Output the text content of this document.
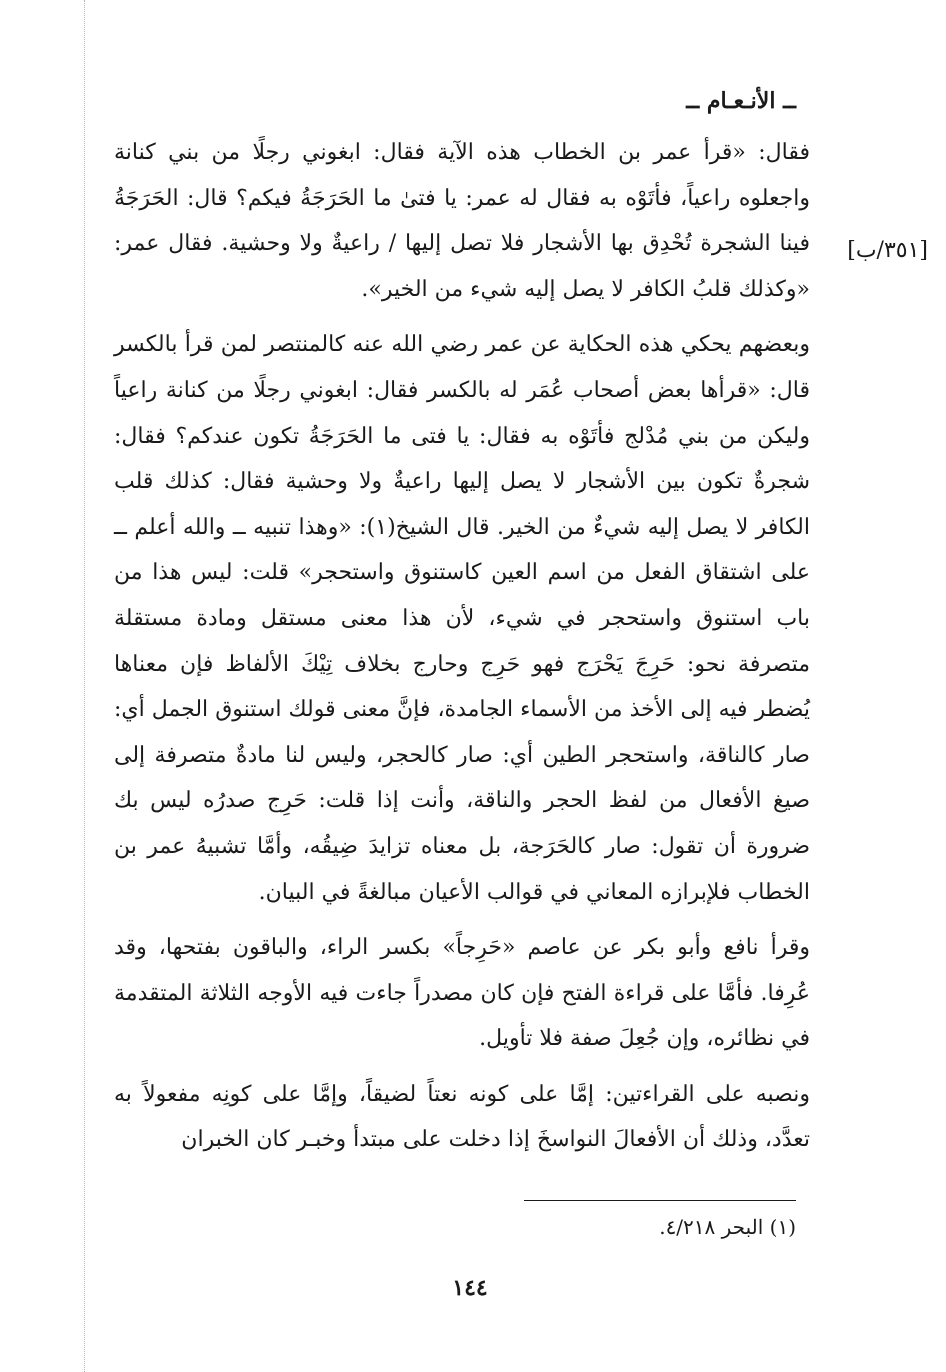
ــ الأنـعـام ــ
[٣٥١/ب]

فقال: «قرأ عمر بن الخطاب هذه الآية فقال: ابغوني رجلًا من بني كنانة واجعلوه راعياً، فأتَوْه به فقال له عمر: يا فتىٰ ما الحَرَجَةُ فيكم؟ قال: الحَرَجَةُ فينا الشجرة تُحْدِق بها الأشجار فلا تصل إليها / راعيةٌ ولا وحشية. فقال عمر: «وكذلك قلبُ الكافر لا يصل إليه شيء من الخير».

وبعضهم يحكي هذه الحكاية عن عمر رضي الله عنه كالمنتصر لمن قرأ بالكسر قال: «قرأها بعض أصحاب عُمَر له بالكسر فقال: ابغوني رجلًا من كنانة راعياً وليكن من بني مُدْلج فأتَوْه به فقال: يا فتى ما الحَرَجَةُ تكون عندكم؟ فقال: شجرةٌ تكون بين الأشجار لا يصل إليها راعيةٌ ولا وحشية فقال: كذلك قلب الكافر لا يصل إليه شيءٌ من الخير. قال الشيخ(١): «وهذا تنبيه ــ والله أعلم ــ على اشتقاق الفعل من اسم العين كاستنوق واستحجر» قلت: ليس هذا من باب استنوق واستحجر في شيء، لأن هذا معنى مستقل ومادة مستقلة متصرفة نحو: حَرِجَ يَحْرَج فهو حَرِج وحارج بخلاف تِيْكَ الألفاظ فإن معناها يُضطر فيه إلى الأخذ من الأسماء الجامدة، فإنَّ معنى قولك استنوق الجمل أي: صار كالناقة، واستحجر الطين أي: صار كالحجر، وليس لنا مادةٌ متصرفة إلى صيغ الأفعال من لفظ الحجر والناقة، وأنت إذا قلت: حَرِج صدرُه ليس بك ضرورة أن تقول: صار كالحَرَجة، بل معناه تزايدَ ضِيقُه، وأمَّا تشبيهُ عمر بن الخطاب فلإبرازه المعاني في قوالب الأعيان مبالغةً في البيان.

وقرأ نافع وأبو بكر عن عاصم «حَرِجاً» بكسر الراء، والباقون بفتحها، وقد عُرِفا. فأمَّا على قراءة الفتح فإن كان مصدراً جاءت فيه الأوجه الثلاثة المتقدمة في نظائره، وإن جُعِلَ صفة فلا تأويل.

ونصبه على القراءتين: إمَّا على كونه نعتاً لضيقاً، وإمَّا على كونِه مفعولاً به تعدَّد، وذلك أن الأفعالَ النواسخَ إذا دخلت على مبتدأ وخبـر كان الخبران

(١) البحر ٤/٢١٨.
١٤٤
